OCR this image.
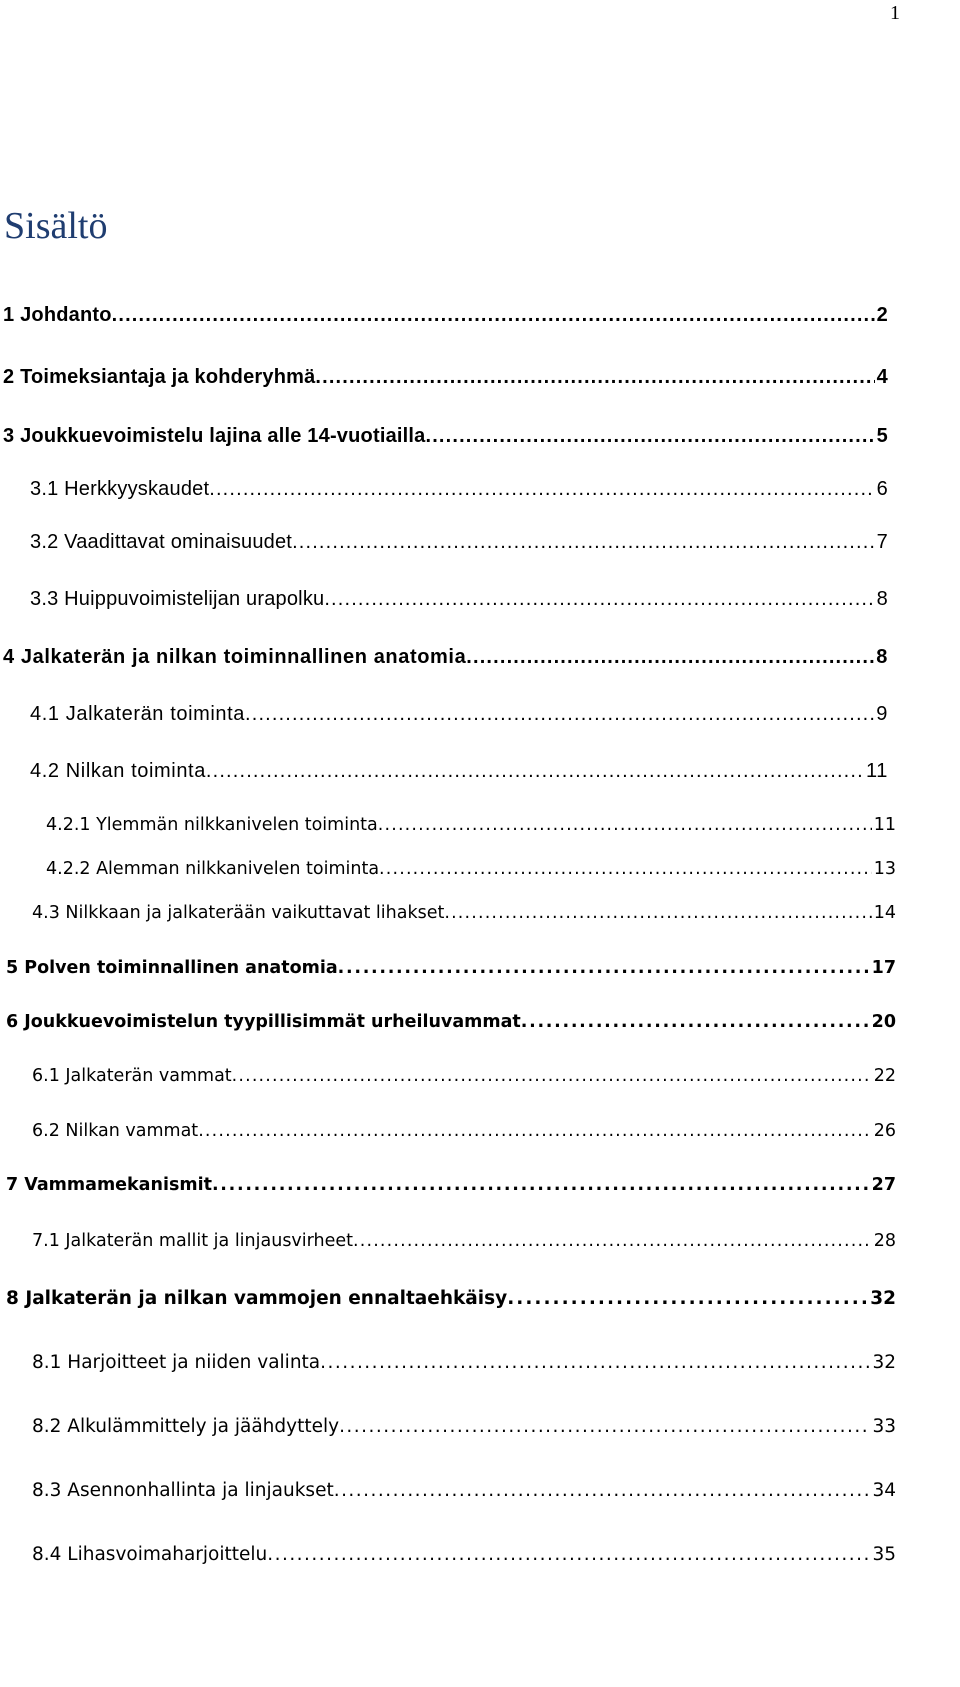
1
Sisältö
1 Johdanto . . .	2
2 Toimeksiantaja ja kohderyhmä . . .	4
3 Joukkuevoimistelu lajina alle 14-vuotiailla . . .	5
3.1 Herkkyyskaudet . . .	6
3.2 Vaadittavat ominaisuudet . . .	7
3.3 Huippuvoimistelijan urapolku . . .	8
4 Jalkaterän ja nilkan toiminnallinen anatomia . . .	8
4.1 Jalkaterän toiminta . . .	9
4.2 Nilkan toiminta . . .	11
4.2.1 Ylemmän nilkkanivelen toiminta . . .	11
4.2.2 Alemman nilkkanivelen toiminta . . .	13
4.3 Nilkkaan ja jalkaterään vaikuttavat lihakset . . .	14
5 Polven toiminnallinen anatomia . . .	17
6 Joukkuevoimistelun tyypillisimmät urheiluvammat . . .	20
6.1 Jalkaterän vammat . . .	22
6.2 Nilkan vammat . . .	26
7 Vammamekanismit . . .	27
7.1 Jalkaterän mallit ja linjausvirheet . . .	28
8 Jalkaterän ja nilkan vammojen ennaltaehkäisy . . .	32
8.1 Harjoitteet ja niiden valinta . . .	32
8.2 Alkulämmittely ja jäähdyttely . . .	33
8.3 Asennonhallinta ja linjaukset . . .	34
8.4 Lihasvoimaharjoittelu . . .	35
